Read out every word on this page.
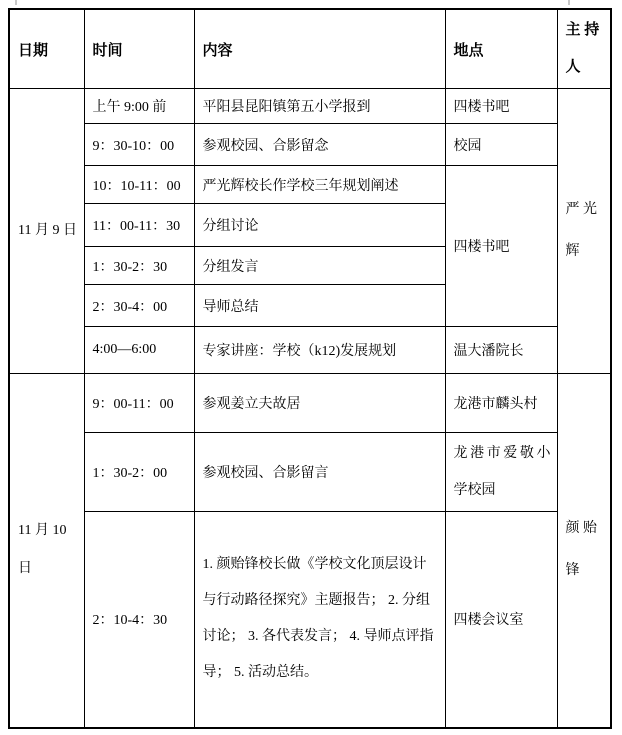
日期	时间	内容	地点	主 持 人
11 月 9 日	上午 9:00 前	平阳县昆阳镇第五小学报到	四楼书吧	严 光 辉
	9：30-10：00	参观校园、合影留念	校园	
	10：10-11：00	严光辉校长作学校三年规划阐述	四楼书吧	
	11：00-11：30	分组讨论		
	1：30-2：30	分组发言		
	2：30-4：00	导师总结		
	4:00—6:00	专家讲座：学校（k12)发展规划	温大潘院长	
11 月 10 日	9：00-11：00	参观姜立夫故居	龙港市麟头村	颜 贻 锋
	1：30-2：00	参观校园、合影留言	龙港市爱敬小学校园	
	2：10-4：30	1. 颜贻锋校长做《学校文化顶层设计与行动路径探究》主题报告； 2. 分组讨论； 3. 各代表发言； 4. 导师点评指导； 5. 活动总结。	四楼会议室	
